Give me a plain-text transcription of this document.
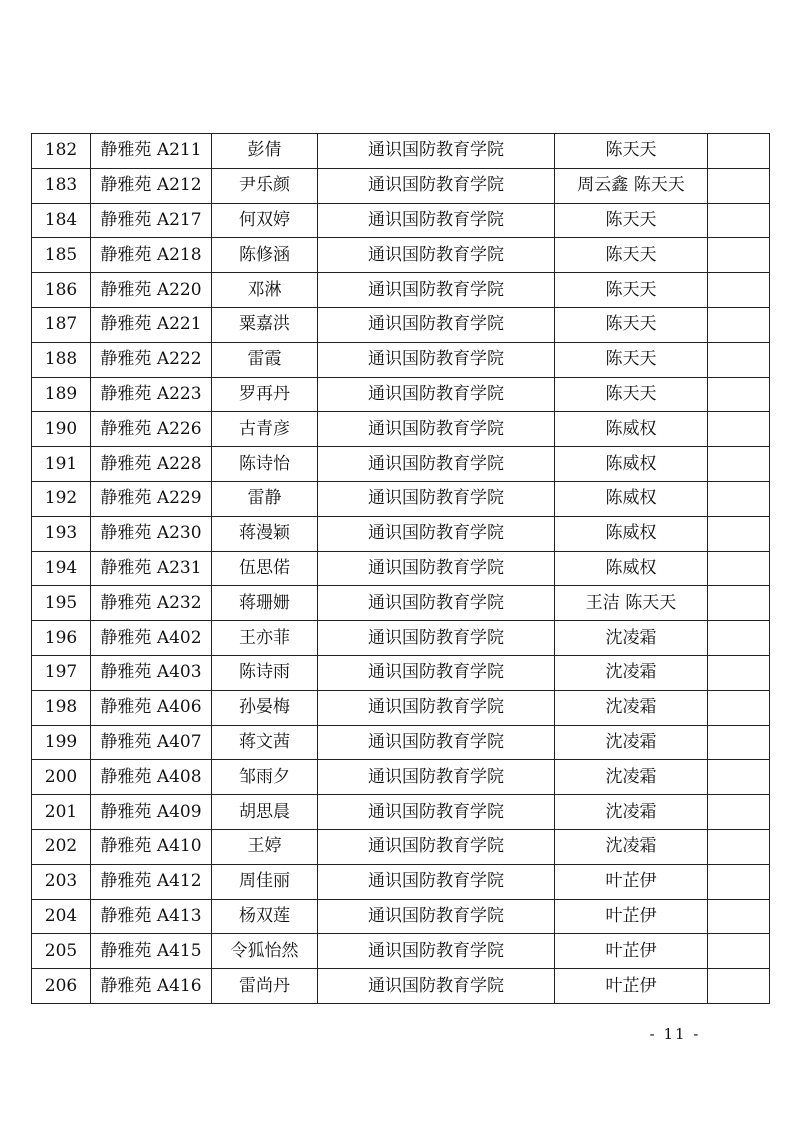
182	静雅苑 A211	彭倩	通识国防教育学院	陈天天	
183	静雅苑 A212	尹乐颜	通识国防教育学院	周云鑫 陈天天	
184	静雅苑 A217	何双婷	通识国防教育学院	陈天天	
185	静雅苑 A218	陈修涵	通识国防教育学院	陈天天	
186	静雅苑 A220	邓淋	通识国防教育学院	陈天天	
187	静雅苑 A221	粟嘉洪	通识国防教育学院	陈天天	
188	静雅苑 A222	雷霞	通识国防教育学院	陈天天	
189	静雅苑 A223	罗再丹	通识国防教育学院	陈天天	
190	静雅苑 A226	古青彦	通识国防教育学院	陈威权	
191	静雅苑 A228	陈诗怡	通识国防教育学院	陈威权	
192	静雅苑 A229	雷静	通识国防教育学院	陈威权	
193	静雅苑 A230	蒋漫颖	通识国防教育学院	陈威权	
194	静雅苑 A231	伍思偌	通识国防教育学院	陈威权	
195	静雅苑 A232	蒋珊姗	通识国防教育学院	王洁 陈天天	
196	静雅苑 A402	王亦菲	通识国防教育学院	沈凌霜	
197	静雅苑 A403	陈诗雨	通识国防教育学院	沈凌霜	
198	静雅苑 A406	孙晏梅	通识国防教育学院	沈凌霜	
199	静雅苑 A407	蒋文茜	通识国防教育学院	沈凌霜	
200	静雅苑 A408	邹雨夕	通识国防教育学院	沈凌霜	
201	静雅苑 A409	胡思晨	通识国防教育学院	沈凌霜	
202	静雅苑 A410	王婷	通识国防教育学院	沈凌霜	
203	静雅苑 A412	周佳丽	通识国防教育学院	叶芷伊	
204	静雅苑 A413	杨双莲	通识国防教育学院	叶芷伊	
205	静雅苑 A415	令狐怡然	通识国防教育学院	叶芷伊	
206	静雅苑 A416	雷尚丹	通识国防教育学院	叶芷伊	
- 11 -
